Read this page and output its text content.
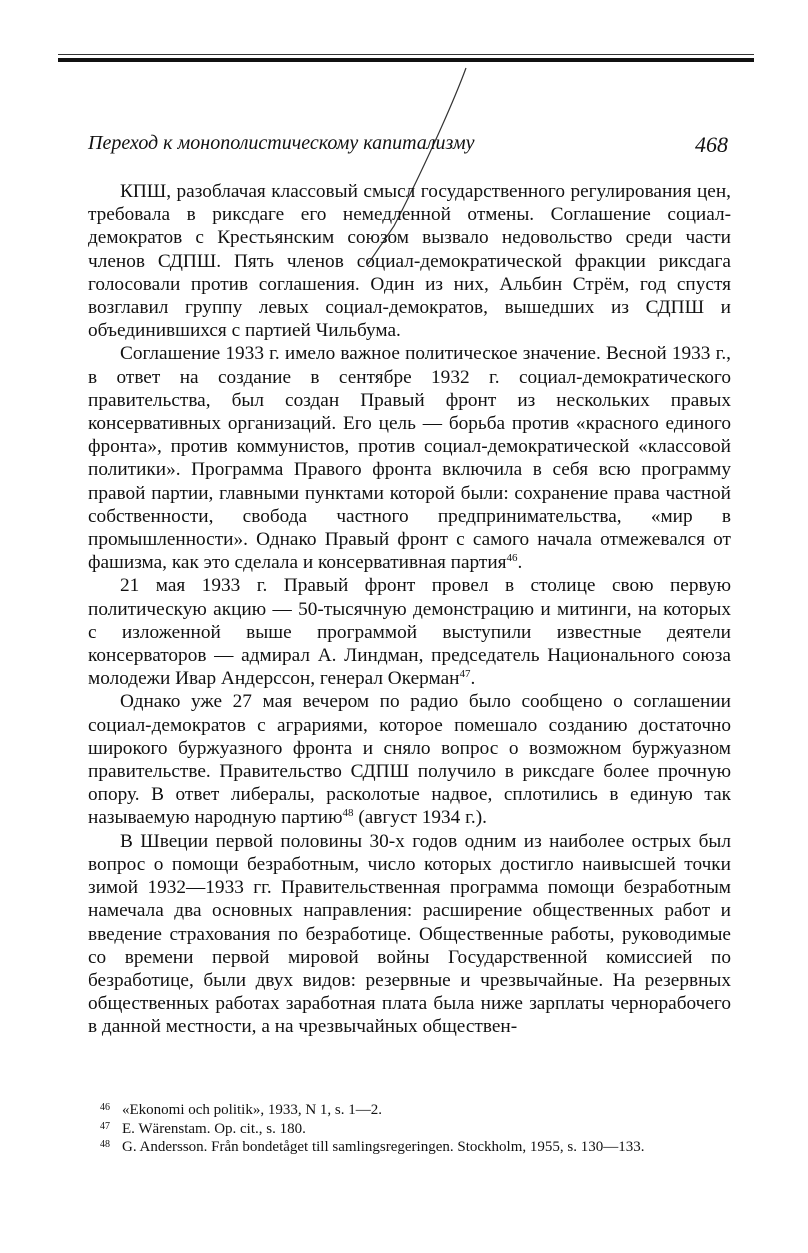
Переход к монополистическому капитализму	468

КПШ, разоблачая классовый смысл государственного регулирования цен, требовала в риксдаге его немедленной отмены. Соглашение социал-демократов с Крестьянским союзом вызвало недовольство среди части членов СДПШ. Пять членов социал-демократической фракции риксдага голосовали против соглашения. Один из них, Альбин Стрём, год спустя возглавил группу левых социал-демократов, вышедших из СДПШ и объединившихся с партией Чильбума.

Соглашение 1933 г. имело важное политическое значение. Весной 1933 г., в ответ на создание в сентябре 1932 г. социал-демократического правительства, был создан Правый фронт из нескольких правых консервативных организаций. Его цель — борьба против «красного единого фронта», против коммунистов, против социал-демократической «классовой политики». Программа Правого фронта включила в себя всю программу правой партии, главными пунктами которой были: сохранение права частной собственности, свобода частного предпринимательства, «мир в промышленности». Однако Правый фронт с самого начала отмежевался от фашизма, как это сделала и консервативная партия$^{46}$.

21 мая 1933 г. Правый фронт провел в столице свою первую политическую акцию — 50-тысячную демонстрацию и митинги, на которых с изложенной выше программой выступили известные деятели консерваторов — адмирал А. Линдман, председатель Национального союза молодежи Ивар Андерссон, генерал Окерман$^{47}$.

Однако уже 27 мая вечером по радио было сообщено о соглашении социал-демократов с аграриями, которое помешало созданию достаточно широкого буржуазного фронта и сняло вопрос о возможном буржуазном правительстве. Правительство СДПШ получило в риксдаге более прочную опору. В ответ либералы, расколотые надвое, сплотились в единую так называемую народную партию$^{48}$ (август 1934 г.).

В Швеции первой половины 30-х годов одним из наиболее острых был вопрос о помощи безработным, число которых достигло наивысшей точки зимой 1932—1933 гг. Правительственная программа помощи безработным намечала два основных направления: расширение общественных работ и введение страхования по безработице. Общественные работы, руководимые со времени первой мировой войны Государственной комиссией по безработице, были двух видов: резервные и чрезвычайные. На резервных общественных работах заработная плата была ниже зарплаты чернорабочего в данной местности, а на чрезвычайных обществен-

46 «Ekonomi och politik», 1933, N 1, s. 1—2.
47 E. Wärenstam. Op. cit., s. 180.
48 G. Andersson. Från bondetåget till samlingsregeringen. Stockholm, 1955, s. 130—133.
